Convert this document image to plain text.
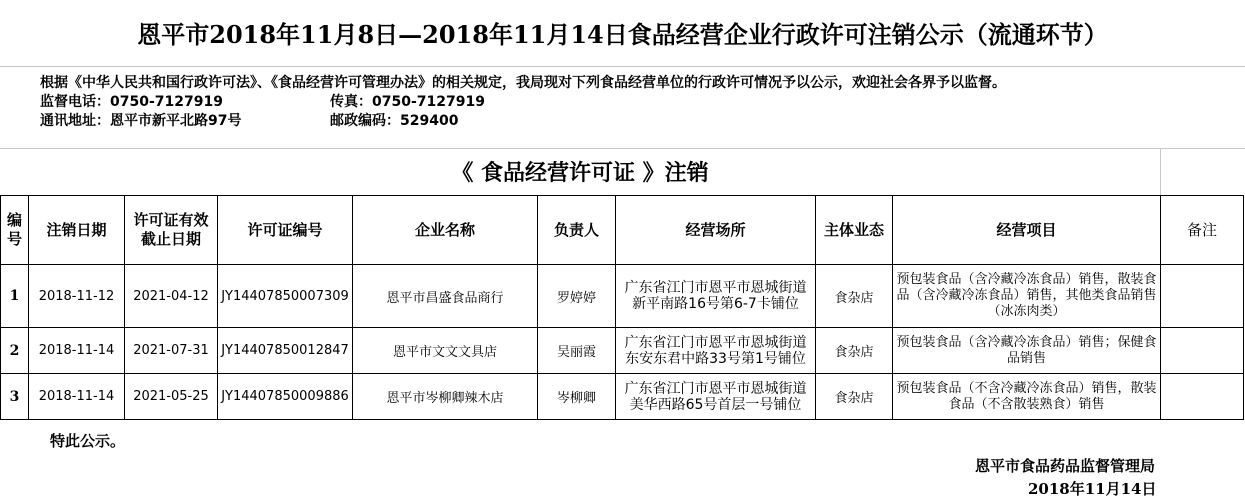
恩平市2018年11月8日—2018年11月14日食品经营企业行政许可注销公示（流通环节）
根据《中华人民共和国行政许可法》、《食品经营许可管理办法》的相关规定，我局现对下列食品经营单位的行政许可情况予以公示，欢迎社会各界予以监督。
监督电话：0750-7127919	传真：0750-7127919
通讯地址：恩平市新平北路97号	邮政编码：529400
《 食品经营许可证 》注销
编号	注销日期	许可证有效截止日期	许可证编号	企业名称	负责人	经营场所	主体业态	经营项目	备注
1	2018-11-12	2021-04-12	JY14407850007309	恩平市昌盛食品商行	罗婷婷	广东省江门市恩平市恩城街道新平南路16号第6-7卡铺位	食杂店	预包装食品（含冷藏冷冻食品）销售，散装食品（含冷藏冷冻食品）销售，其他类食品销售（冰冻肉类）	
2	2018-11-14	2021-07-31	JY14407850012847	恩平市文文文具店	吴丽霞	广东省江门市恩平市恩城街道东安东君中路33号第1号铺位	食杂店	预包装食品（含冷藏冷冻食品）销售；保健食品销售	
3	2018-11-14	2021-05-25	JY14407850009886	恩平市岑柳卿辣木店	岑柳卿	广东省江门市恩平市恩城街道美华西路65号首层一号铺位	食杂店	预包装食品（不含冷藏冷冻食品）销售，散装食品（不含散装熟食）销售	
特此公示。
恩平市食品药品监督管理局
2018年11月14日
